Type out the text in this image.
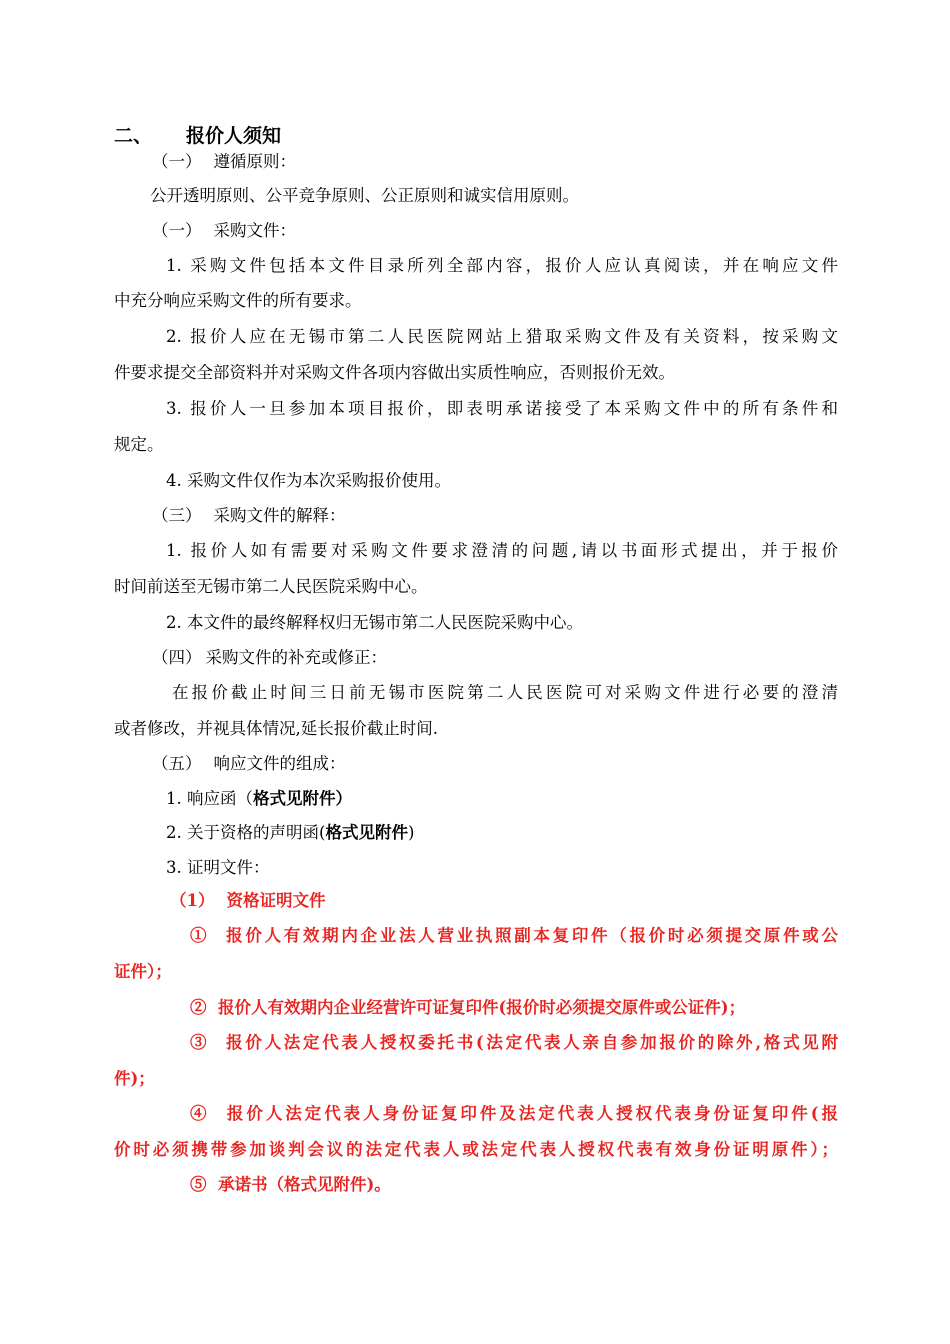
二、 报价人须知
（一） 遵循原则：
公开透明原则、公平竞争原则、公正原则和诚实信用原则。
（一） 采购文件：
1. 采购文件包括本文件目录所列全部内容，报价人应认真阅读，并在响应文件
中充分响应采购文件的所有要求。
2. 报价人应在无锡市第二人民医院网站上猎取采购文件及有关资料，按采购文
件要求提交全部资料并对采购文件各项内容做出实质性响应，否则报价无效。
3. 报价人一旦参加本项目报价，即表明承诺接受了本采购文件中的所有条件和
规定。
4. 采购文件仅作为本次采购报价使用。
（三） 采购文件的解释：
1. 报价人如有需要对采购文件要求澄清的问题,请以书面形式提出，并于报价
时间前送至无锡市第二人民医院采购中心。
2. 本文件的最终解释权归无锡市第二人民医院采购中心。
（四） 采购文件的补充或修正：
在报价截止时间三日前无锡市医院第二人民医院可对采购文件进行必要的澄清
或者修改，并视具体情况,延长报价截止时间.
（五） 响应文件的组成：
1. 响应函（格式见附件）
2. 关于资格的声明函(格式见附件)
3. 证明文件：
（1） 资格证明文件
① 报价人有效期内企业法人营业执照副本复印件（报价时必须提交原件或公
证件）；
② 报价人有效期内企业经营许可证复印件(报价时必须提交原件或公证件)；
③ 报价人法定代表人授权委托书(法定代表人亲自参加报价的除外,格式见附
件)；
④ 报价人法定代表人身份证复印件及法定代表人授权代表身份证复印件(报
价时必须携带参加谈判会议的法定代表人或法定代表人授权代表有效身份证明原件）；
⑤ 承诺书（格式见附件)。
